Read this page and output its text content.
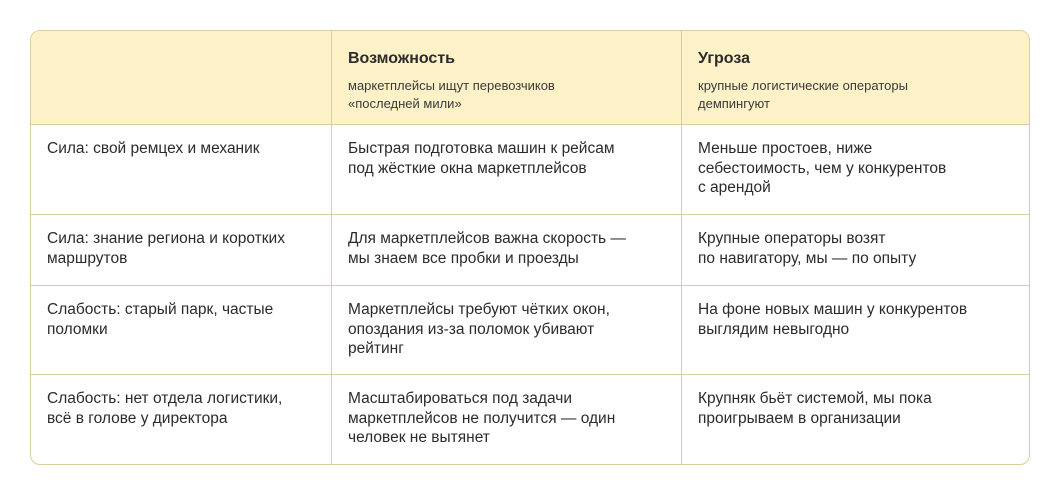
Возможность
маркетплейсы ищут перевозчиков
«последней мили»
Угроза
крупные логистические операторы
демпингуют
Сила: свой ремцех и механик	Быстрая подготовка машин к рейсам
под жёсткие окна маркетплейсов
Меньше простоев, ниже
себестоимость, чем у конкурентов
с арендой
Сила: знание региона и коротких
маршрутов
Для маркетплейсов важна скорость —
мы знаем все пробки и проезды
Крупные операторы возят
по навигатору, мы — по опыту
Слабость: старый парк, частые
поломки
Маркетплейсы требуют чётких окон,
опоздания из-за поломок убивают
рейтинг
На фоне новых машин у конкурентов
выглядим невыгодно
Слабость: нет отдела логистики,
всё в голове у директора
Масштабироваться под задачи
маркетплейсов не получится — один
человек не вытянет
Крупняк бьёт системой, мы пока
проигрываем в организации
